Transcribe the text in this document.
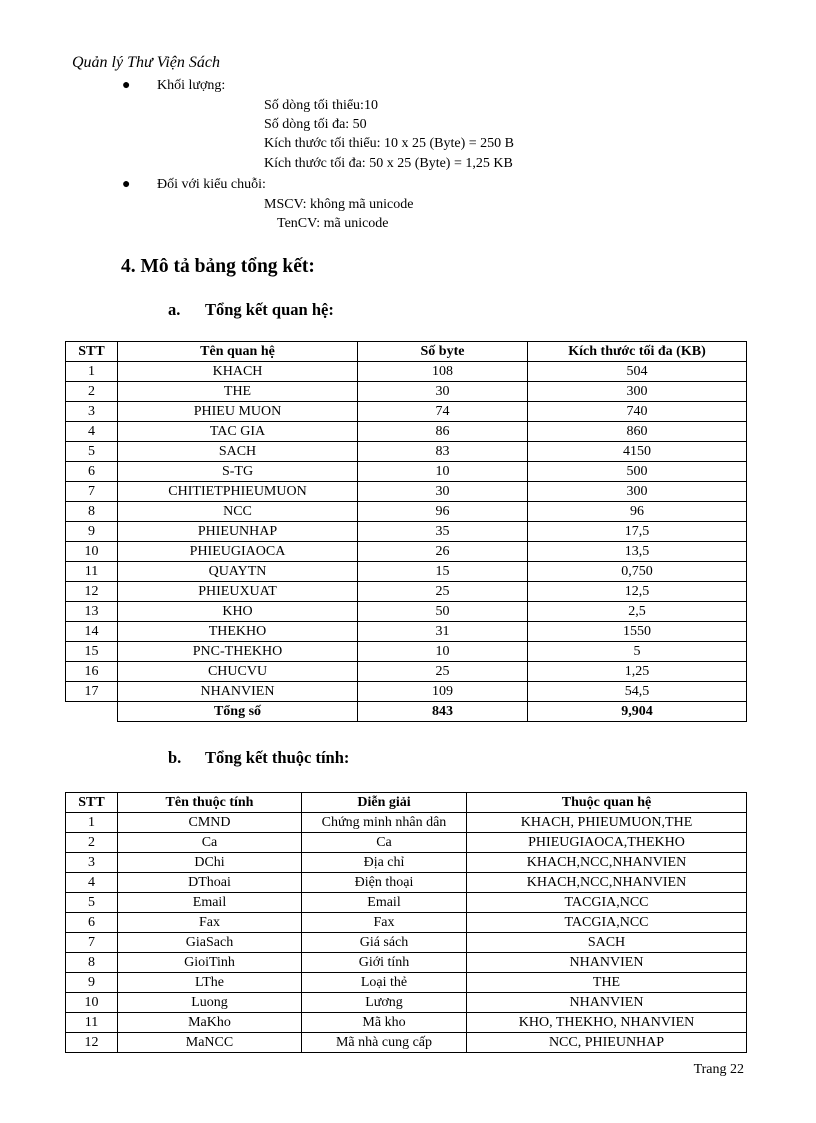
Quản lý Thư Viện Sách
● Khối lượng:
Số dòng tối thiểu:10
Số dòng tối đa: 50
Kích thước tối thiểu: 10 x 25 (Byte) = 250 B
Kích thước tối đa: 50 x 25 (Byte) = 1,25 KB
● Đối với kiểu chuỗi:
MSCV: không mã unicode
TenCV: mã unicode
4. Mô tả bảng tổng kết:
a. Tổng kết quan hệ:
STT	Tên quan hệ	Số byte	Kích thước tối đa (KB)
1	KHACH	108	504
2	THE	30	300
3	PHIEU MUON	74	740
4	TAC GIA	86	860
5	SACH	83	4150
6	S-TG	10	500
7	CHITIETPHIEUMUON	30	300
8	NCC	96	96
9	PHIEUNHAP	35	17,5
10	PHIEUGIAOCA	26	13,5
11	QUAYTN	15	0,750
12	PHIEUXUAT	25	12,5
13	KHO	50	2,5
14	THEKHO	31	1550
15	PNC-THEKHO	10	5
16	CHUCVU	25	1,25
17	NHANVIEN	109	54,5
	Tổng số	843	9,904
b. Tổng kết thuộc tính:
STT	Tên thuộc tính	Diễn giải	Thuộc quan hệ
1	CMND	Chứng minh nhân dân	KHACH, PHIEUMUON,THE
2	Ca	Ca	PHIEUGIAOCA,THEKHO
3	DChi	Địa chỉ	KHACH,NCC,NHANVIEN
4	DThoai	Điện thoại	KHACH,NCC,NHANVIEN
5	Email	Email	TACGIA,NCC
6	Fax	Fax	TACGIA,NCC
7	GiaSach	Giá sách	SACH
8	GioiTinh	Giới tính	NHANVIEN
9	LThe	Loại thẻ	THE
10	Luong	Lương	NHANVIEN
11	MaKho	Mã kho	KHO, THEKHO, NHANVIEN
12	MaNCC	Mã nhà cung cấp	NCC, PHIEUNHAP
Trang 22
